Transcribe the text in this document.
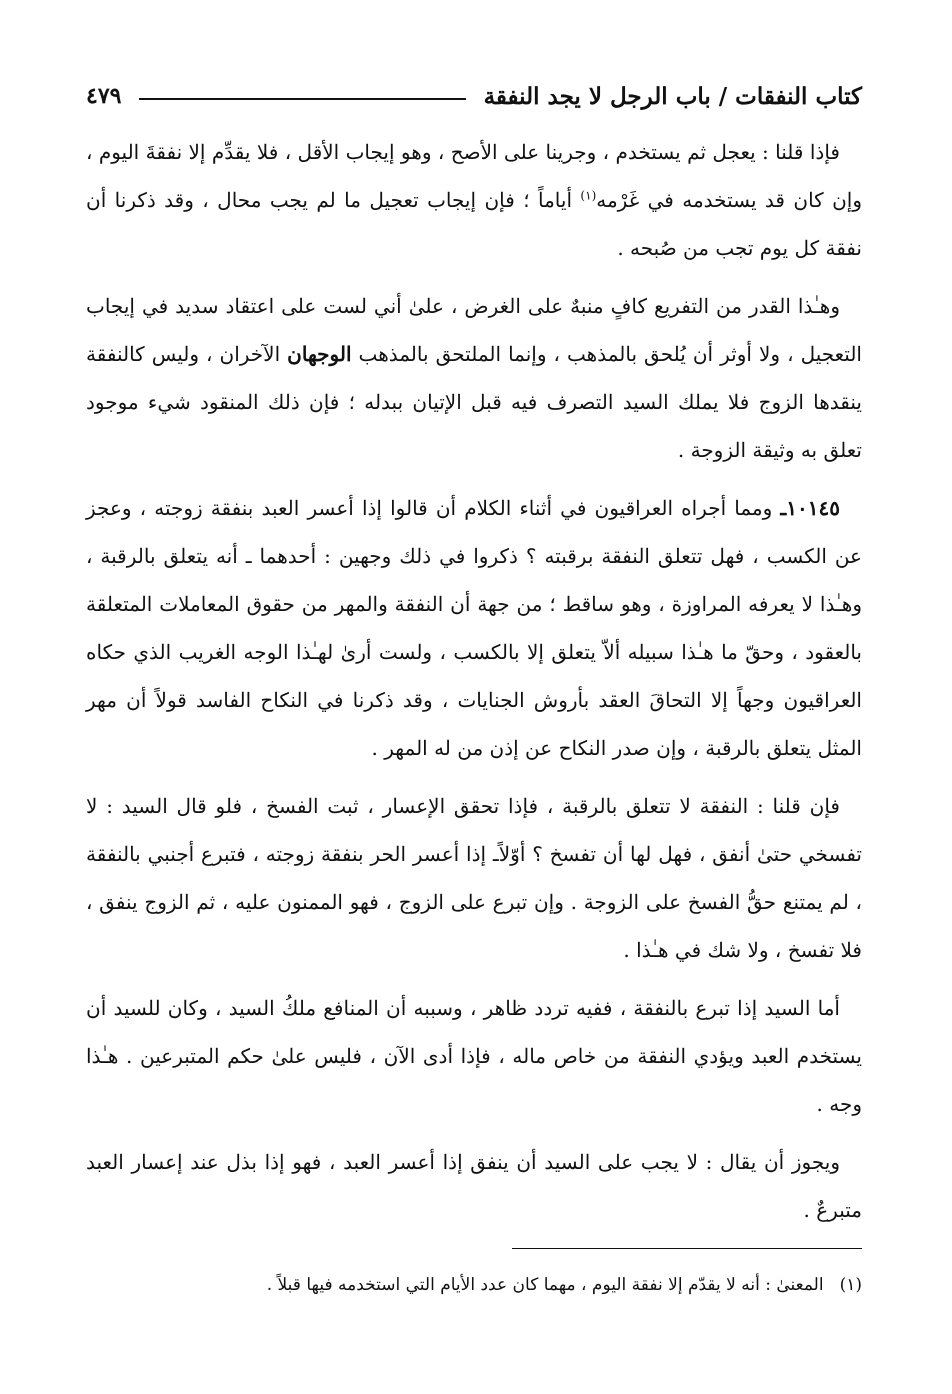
كتاب النفقات / باب الرجل لا يجد النفقة
٤٧٩

فإذا قلنا : يعجل ثم يستخدم ، وجرينا على الأصح ، وهو إيجاب الأقل ، فلا يقدِّم إلا نفقةَ اليوم ، وإن كان قد يستخدمه في غَرْمه$^{(١)}$ أياماً ؛ فإن إيجاب تعجيل ما لم يجب محال ، وقد ذكرنا أن نفقة كل يوم تجب من صُبحه .

وهـٰذا القدر من التفريع كافٍ منبهٌ على الغرض ، علىٰ أني لست على اعتقاد سديد في إيجاب التعجيل ، ولا أوثر أن يُلحق بالمذهب ، وإنما الملتحق بالمذهب الوجهان الآخران ، وليس كالنفقة ينقدها الزوج فلا يملك السيد التصرف فيه قبل الإتيان ببدله ؛ فإن ذلك المنقود شيء موجود تعلق به وثيقة الزوجة .

١٠١٤٥ـ ومما أجراه العراقيون في أثناء الكلام أن قالوا إذا أعسر العبد بنفقة زوجته ، وعجز عن الكسب ، فهل تتعلق النفقة برقبته ؟ ذكروا في ذلك وجهين : أحدهما ـ أنه يتعلق بالرقبة ، وهـٰذا لا يعرفه المراوزة ، وهو ساقط ؛ من جهة أن النفقة والمهر من حقوق المعاملات المتعلقة بالعقود ، وحقّ ما هـٰذا سبيله ألاّ يتعلق إلا بالكسب ، ولست أرىٰ لهـٰذا الوجه الغريب الذي حكاه العراقيون وجهاً إلا التحاقَ العقد بأروش الجنايات ، وقد ذكرنا في النكاح الفاسد قولاً أن مهر المثل يتعلق بالرقبة ، وإن صدر النكاح عن إذن من له المهر .

فإن قلنا : النفقة لا تتعلق بالرقبة ، فإذا تحقق الإعسار ، ثبت الفسخ ، فلو قال السيد : لا تفسخي حتىٰ أنفق ، فهل لها أن تفسخ ؟ أوّلاًـ إذا أعسر الحر بنفقة زوجته ، فتبرع أجنبي بالنفقة ، لم يمتنع حقُّ الفسخ على الزوجة . وإن تبرع على الزوج ، فهو الممنون عليه ، ثم الزوج ينفق ، فلا تفسخ ، ولا شك في هـٰذا .

أما السيد إذا تبرع بالنفقة ، ففيه تردد ظاهر ، وسببه أن المنافع ملكُ السيد ، وكان للسيد أن يستخدم العبد ويؤدي النفقة من خاص ماله ، فإذا أدى الآن ، فليس علىٰ حكم المتبرعين . هـٰذا وجه .

ويجوز أن يقال : لا يجب على السيد أن ينفق إذا أعسر العبد ، فهو إذا بذل عند إعسار العبد متبرعٌ .

(١)المعنىٰ : أنه لا يقدّم إلا نفقة اليوم ، مهما كان عدد الأيام التي استخدمه فيها قبلاً .
